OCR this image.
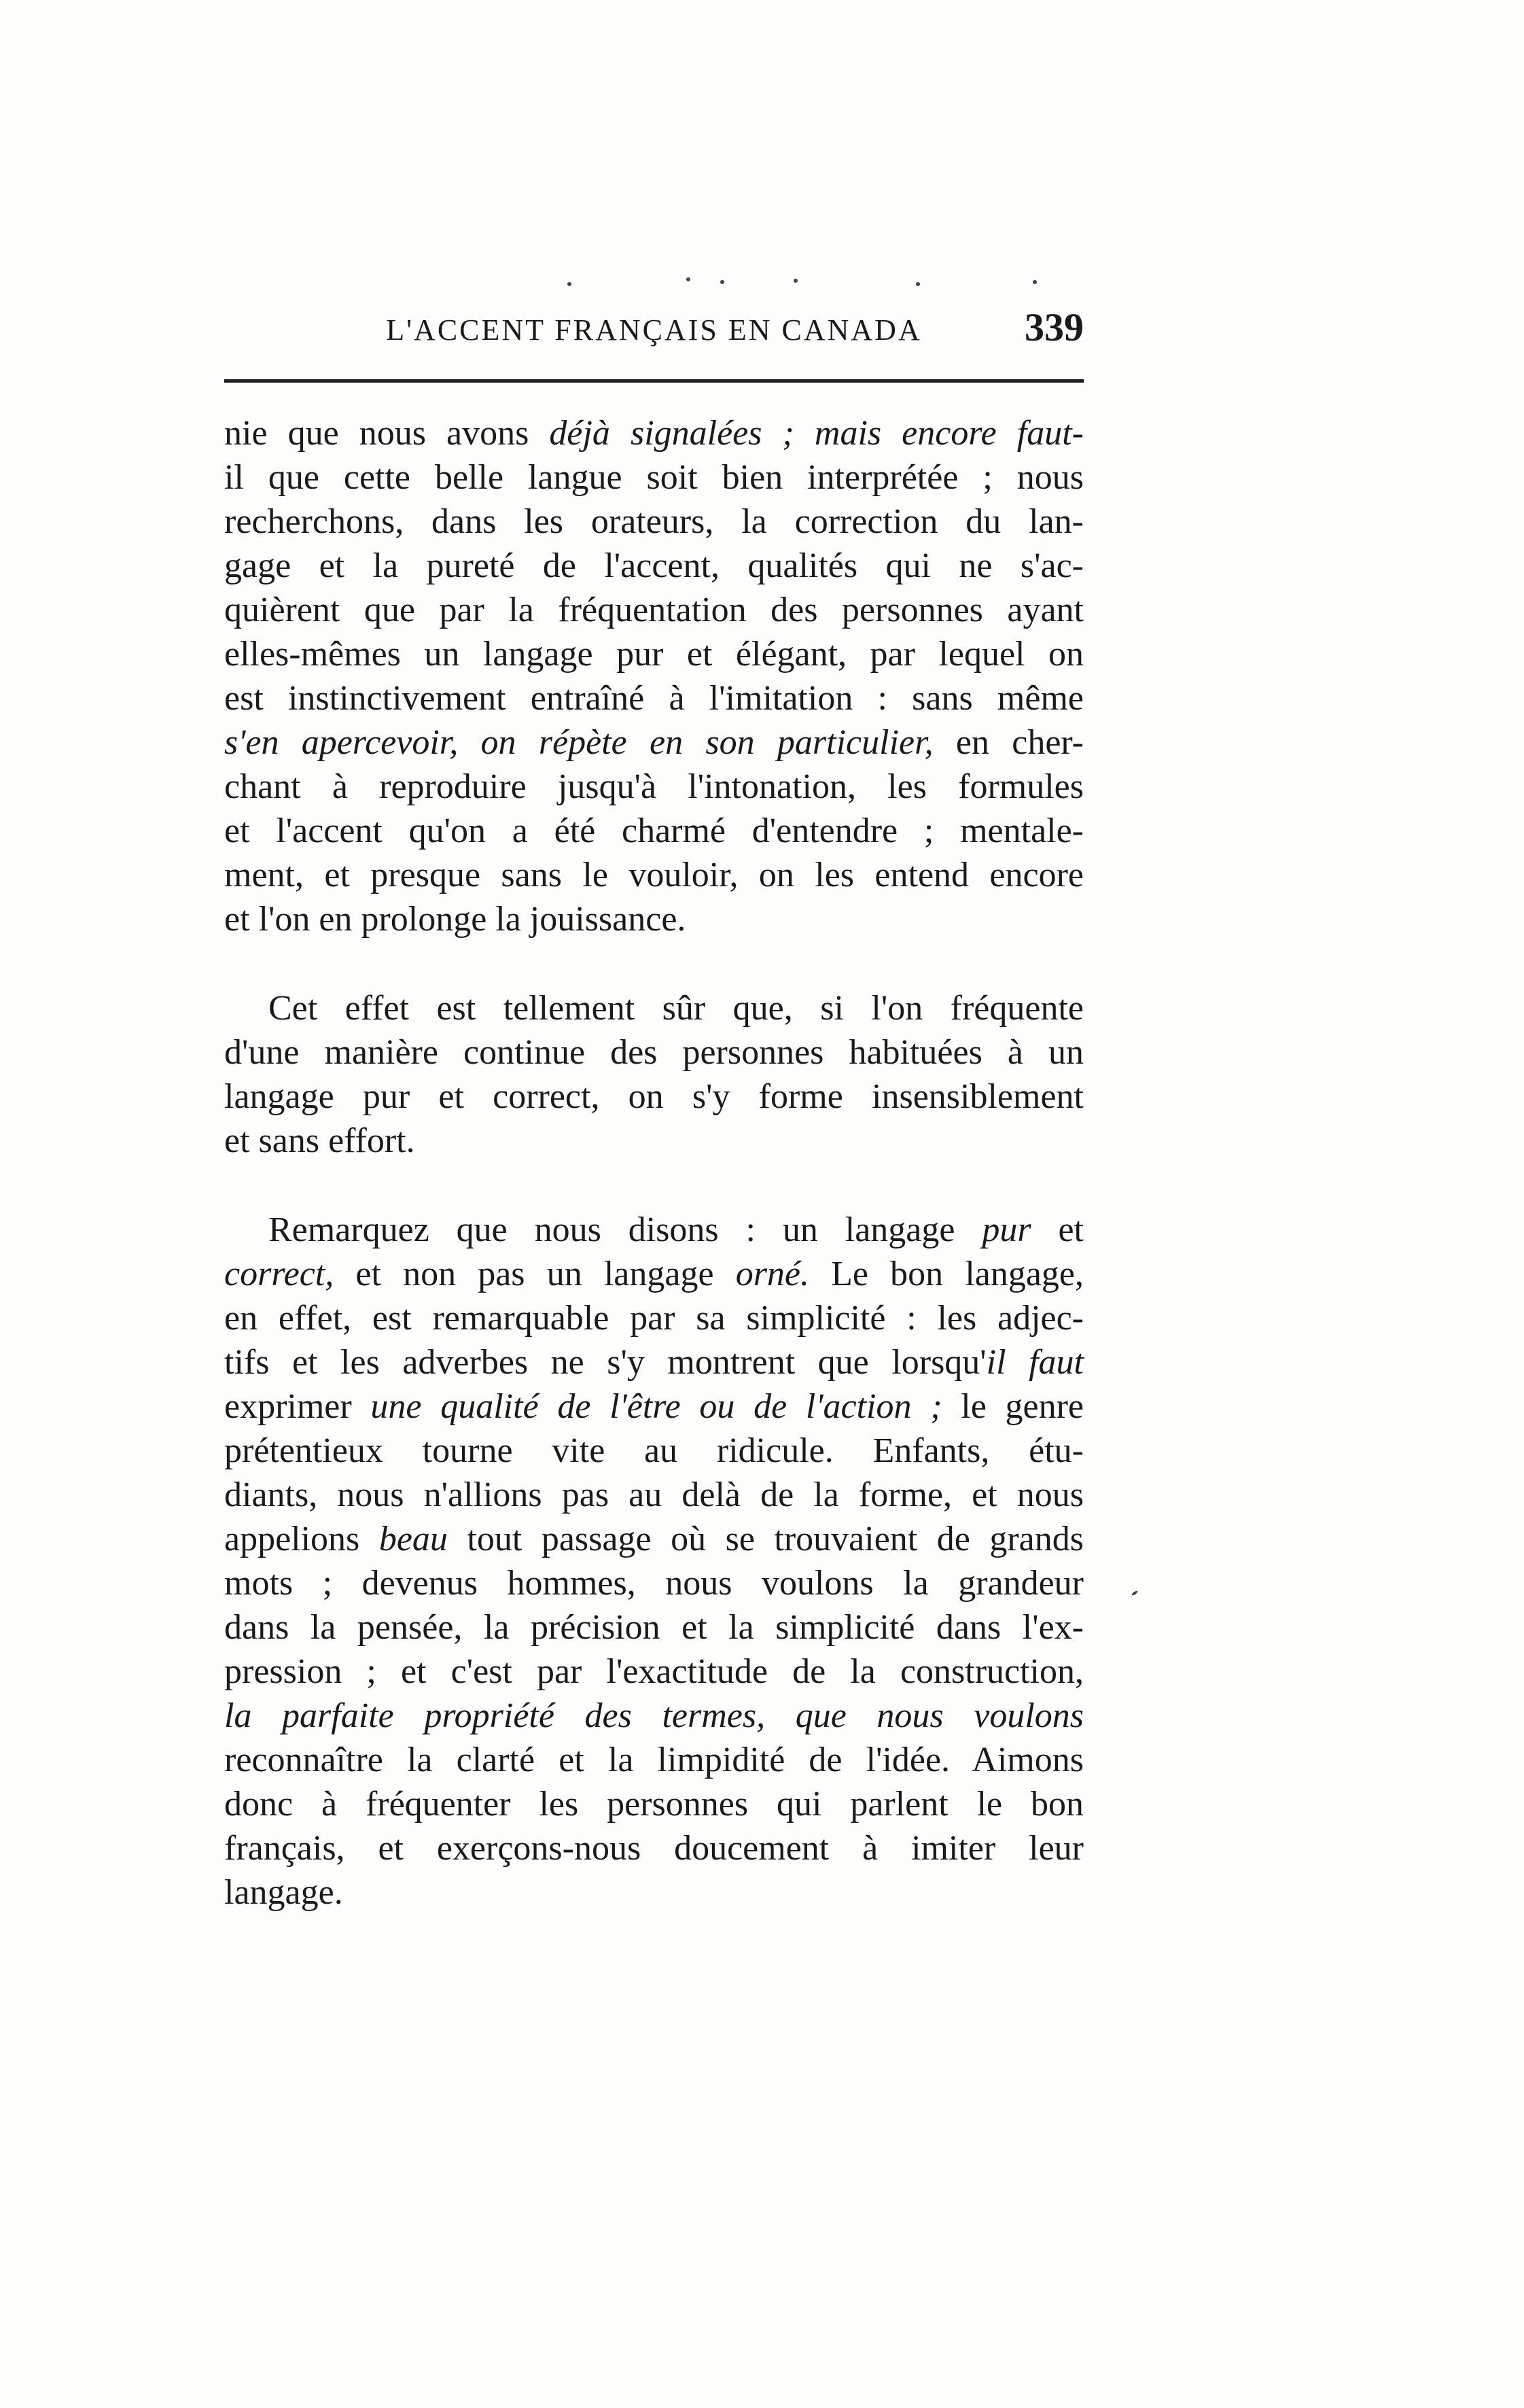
L'ACCENT FRANÇAIS EN CANADA	339
nie que nous avons déjà signalées ; mais encore faut-
il que cette belle langue soit bien interprétée ; nous
recherchons, dans les orateurs, la correction du lan-
gage et la pureté de l'accent, qualités qui ne s'ac-
quièrent que par la fréquentation des personnes ayant
elles-mêmes un langage pur et élégant, par lequel on
est instinctivement entraîné à l'imitation : sans même
s'en apercevoir, on répète en son particulier, en cher-
chant à reproduire jusqu'à l'intonation, les formules
et l'accent qu'on a été charmé d'entendre ; mentale-
ment, et presque sans le vouloir, on les entend encore
et l'on en prolonge la jouissance.
Cet effet est tellement sûr que, si l'on fréquente
d'une manière continue des personnes habituées à un
langage pur et correct, on s'y forme insensiblement
et sans effort.
Remarquez que nous disons : un langage pur et
correct, et non pas un langage orné. Le bon langage,
en effet, est remarquable par sa simplicité : les adjec-
tifs et les adverbes ne s'y montrent que lorsqu'il faut
exprimer une qualité de l'être ou de l'action ; le genre
prétentieux tourne vite au ridicule. Enfants, étu-
diants, nous n'allions pas au delà de la forme, et nous
appelions beau tout passage où se trouvaient de grands
mots ; devenus hommes, nous voulons la grandeur
dans la pensée, la précision et la simplicité dans l'ex-
pression ; et c'est par l'exactitude de la construction,
la parfaite propriété des termes, que nous voulons
reconnaître la clarté et la limpidité de l'idée. Aimons
donc à fréquenter les personnes qui parlent le bon
français, et exerçons-nous doucement à imiter leur
langage.
